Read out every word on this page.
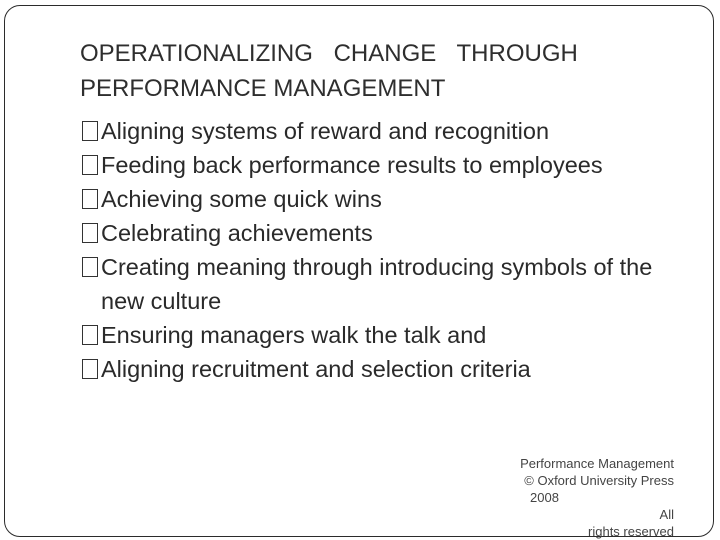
OPERATIONALIZING CHANGE THROUGH
PERFORMANCE MANAGEMENT
Aligning systems of reward and recognition
Feeding back performance results to employees
Achieving some quick wins
Celebrating achievements
Creating meaning through introducing symbols of the new culture
Ensuring managers walk the talk and
Aligning recruitment and selection criteria
Performance Management
© Oxford University Press
2008
All
rights reserved
